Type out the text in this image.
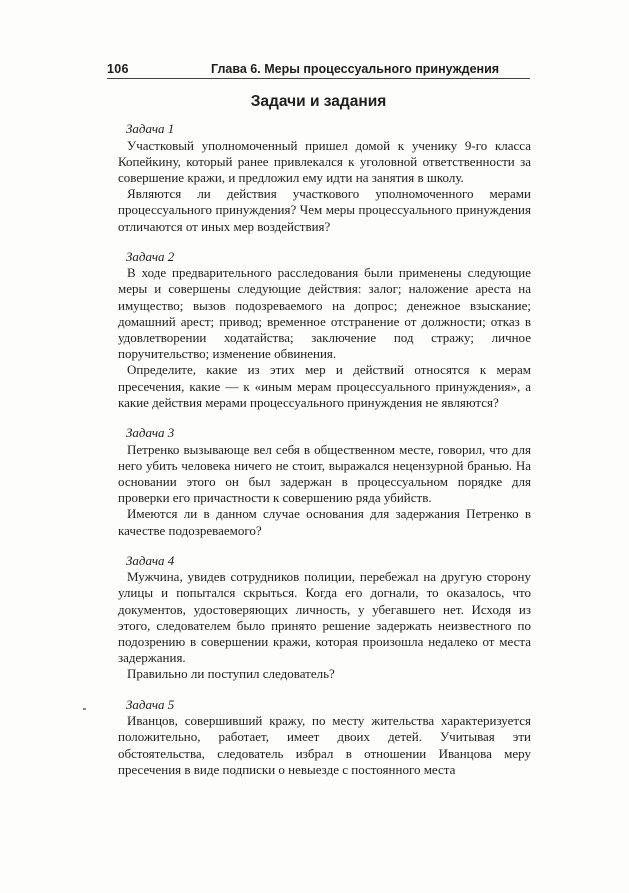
106	Глава 6. Меры процессуального принуждения
Задачи и задания
Задача 1

Участковый уполномоченный пришел домой к ученику 9-го класса Копейкину, который ранее привлекался к уголовной ответственности за совершение кражи, и предложил ему идти на занятия в школу.

Являются ли действия участкового уполномоченного мерами процессуального принуждения? Чем меры процессуального принуждения отличаются от иных мер воздействия?

Задача 2

В ходе предварительного расследования были применены следующие меры и совершены следующие действия: залог; наложение ареста на имущество; вызов подозреваемого на допрос; денежное взыскание; домашний арест; привод; временное отстранение от должности; отказ в удовлетворении ходатайства; заключение под стражу; личное поручительство; изменение обвинения.

Определите, какие из этих мер и действий относятся к мерам пресечения, какие — к «иным мерам процессуального принуждения», а какие действия мерами процессуального принуждения не являются?

Задача 3

Петренко вызывающе вел себя в общественном месте, говорил, что для него убить человека ничего не стоит, выражался нецензурной бранью. На основании этого он был задержан в процессуальном порядке для проверки его причастности к совершению ряда убийств.

Имеются ли в данном случае основания для задержания Петренко в качестве подозреваемого?

Задача 4

Мужчина, увидев сотрудников полиции, перебежал на другую сторону улицы и попытался скрыться. Когда его догнали, то оказалось, что документов, удостоверяющих личность, у убегавшего нет. Исходя из этого, следователем было принято решение задержать неизвестного по подозрению в совершении кражи, которая произошла недалеко от места задержания.

Правильно ли поступил следователь?

Задача 5

Иванцов, совершивший кражу, по месту жительства характеризуется положительно, работает, имеет двоих детей. Учитывая эти обстоятельства, следователь избрал в отношении Иванцова меру пресечения в виде подписки о невыезде с постоянного места
